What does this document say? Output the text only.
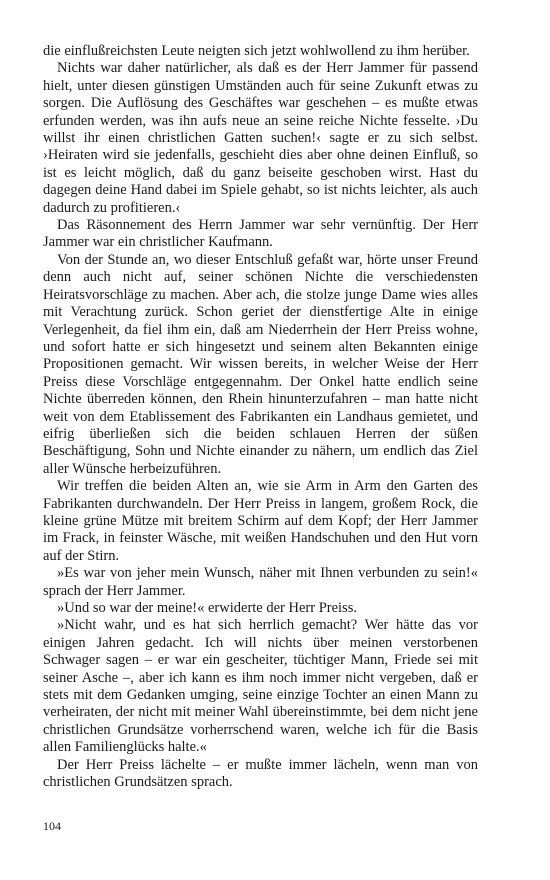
die einflußreichsten Leute neigten sich jetzt wohlwollend zu ihm herüber.

Nichts war daher natürlicher, als daß es der Herr Jammer für passend hielt, unter diesen günstigen Umständen auch für seine Zukunft etwas zu sorgen. Die Auflösung des Geschäftes war geschehen – es mußte etwas erfunden werden, was ihn aufs neue an seine reiche Nichte fesselte. ›Du willst ihr einen christlichen Gatten suchen!‹ sagte er zu sich selbst. ›Heiraten wird sie jedenfalls, geschieht dies aber ohne deinen Einfluß, so ist es leicht möglich, daß du ganz beiseite geschoben wirst. Hast du dagegen deine Hand dabei im Spiele gehabt, so ist nichts leichter, als auch dadurch zu profitieren.‹

Das Räsonnement des Herrn Jammer war sehr vernünftig. Der Herr Jammer war ein christlicher Kaufmann.

Von der Stunde an, wo dieser Entschluß gefaßt war, hörte unser Freund denn auch nicht auf, seiner schönen Nichte die verschiedensten Heiratsvorschläge zu machen. Aber ach, die stolze junge Dame wies alles mit Verachtung zurück. Schon geriet der dienstfertige Alte in einige Verlegenheit, da fiel ihm ein, daß am Niederrhein der Herr Preiss wohne, und sofort hatte er sich hingesetzt und seinem alten Bekannten einige Propositionen gemacht. Wir wissen bereits, in welcher Weise der Herr Preiss diese Vorschläge entgegennahm. Der Onkel hatte endlich seine Nichte überreden können, den Rhein hinunterzufahren – man hatte nicht weit von dem Etablissement des Fabrikanten ein Landhaus gemietet, und eifrig überließen sich die beiden schlauen Herren der süßen Beschäftigung, Sohn und Nichte einander zu nähern, um endlich das Ziel aller Wünsche herbeizuführen.

Wir treffen die beiden Alten an, wie sie Arm in Arm den Garten des Fabrikanten durchwandeln. Der Herr Preiss in langem, großem Rock, die kleine grüne Mütze mit breitem Schirm auf dem Kopf; der Herr Jammer im Frack, in feinster Wäsche, mit weißen Handschuhen und den Hut vorn auf der Stirn.

»Es war von jeher mein Wunsch, näher mit Ihnen verbunden zu sein!« sprach der Herr Jammer.

»Und so war der meine!« erwiderte der Herr Preiss.

»Nicht wahr, und es hat sich herrlich gemacht? Wer hätte das vor einigen Jahren gedacht. Ich will nichts über meinen verstorbenen Schwager sagen – er war ein gescheiter, tüchtiger Mann, Friede sei mit seiner Asche –, aber ich kann es ihm noch immer nicht vergeben, daß er stets mit dem Gedanken umging, seine einzige Tochter an einen Mann zu verheiraten, der nicht mit meiner Wahl übereinstimmte, bei dem nicht jene christlichen Grundsätze vorherrschend waren, welche ich für die Basis allen Familienglücks halte.«

Der Herr Preiss lächelte – er mußte immer lächeln, wenn man von christlichen Grundsätzen sprach.

104
